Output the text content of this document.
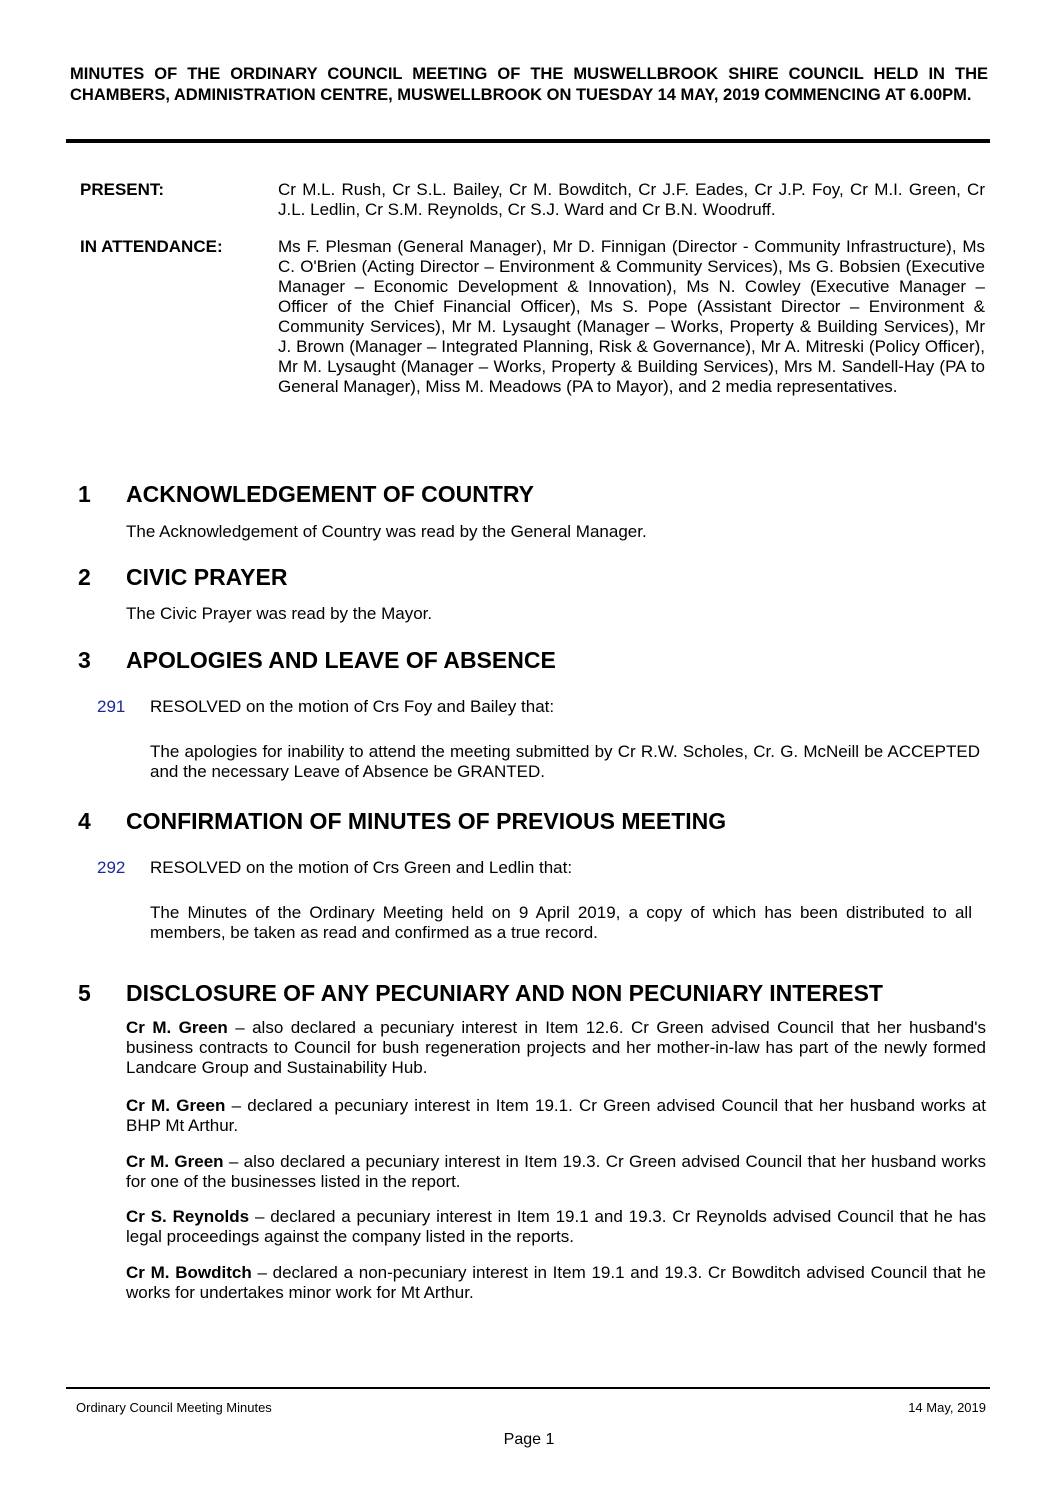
MINUTES OF THE ORDINARY COUNCIL MEETING OF THE MUSWELLBROOK SHIRE COUNCIL HELD IN THE CHAMBERS, ADMINISTRATION CENTRE, MUSWELLBROOK ON TUESDAY 14 MAY, 2019 COMMENCING AT 6.00PM.
PRESENT:	Cr M.L. Rush, Cr S.L. Bailey, Cr M. Bowditch, Cr J.F. Eades, Cr J.P. Foy, Cr M.I. Green, Cr J.L. Ledlin, Cr S.M. Reynolds, Cr S.J. Ward and Cr B.N. Woodruff.
IN ATTENDANCE:	Ms F. Plesman (General Manager), Mr D. Finnigan (Director - Community Infrastructure), Ms C. O'Brien (Acting Director – Environment & Community Services), Ms G. Bobsien (Executive Manager – Economic Development & Innovation), Ms N. Cowley (Executive Manager – Officer of the Chief Financial Officer), Ms S. Pope (Assistant Director – Environment & Community Services), Mr M. Lysaught (Manager – Works, Property & Building Services), Mr J. Brown (Manager – Integrated Planning, Risk & Governance), Mr A. Mitreski (Policy Officer), Mr M. Lysaught (Manager – Works, Property & Building Services), Mrs M. Sandell-Hay (PA to General Manager), Miss M. Meadows (PA to Mayor), and 2 media representatives.
1 ACKNOWLEDGEMENT OF COUNTRY
The Acknowledgement of Country was read by the General Manager.
2 CIVIC PRAYER
The Civic Prayer was read by the Mayor.
3 APOLOGIES AND LEAVE OF ABSENCE
291 RESOLVED on the motion of Crs Foy and Bailey that:
The apologies for inability to attend the meeting submitted by Cr R.W. Scholes, Cr. G. McNeill be ACCEPTED and the necessary Leave of Absence be GRANTED.
4 CONFIRMATION OF MINUTES OF PREVIOUS MEETING
292 RESOLVED on the motion of Crs Green and Ledlin that:
The Minutes of the Ordinary Meeting held on 9 April 2019, a copy of which has been distributed to all members, be taken as read and confirmed as a true record.
5 DISCLOSURE OF ANY PECUNIARY AND NON PECUNIARY INTEREST
Cr M. Green – also declared a pecuniary interest in Item 12.6. Cr Green advised Council that her husband's business contracts to Council for bush regeneration projects and her mother-in-law has part of the newly formed Landcare Group and Sustainability Hub.
Cr M. Green – declared a pecuniary interest in Item 19.1. Cr Green advised Council that her husband works at BHP Mt Arthur.
Cr M. Green – also declared a pecuniary interest in Item 19.3. Cr Green advised Council that her husband works for one of the businesses listed in the report.
Cr S. Reynolds – declared a pecuniary interest in Item 19.1 and 19.3. Cr Reynolds advised Council that he has legal proceedings against the company listed in the reports.
Cr M. Bowditch – declared a non-pecuniary interest in Item 19.1 and 19.3. Cr Bowditch advised Council that he works for undertakes minor work for Mt Arthur.
Ordinary Council Meeting Minutes	14 May, 2019
Page 1
